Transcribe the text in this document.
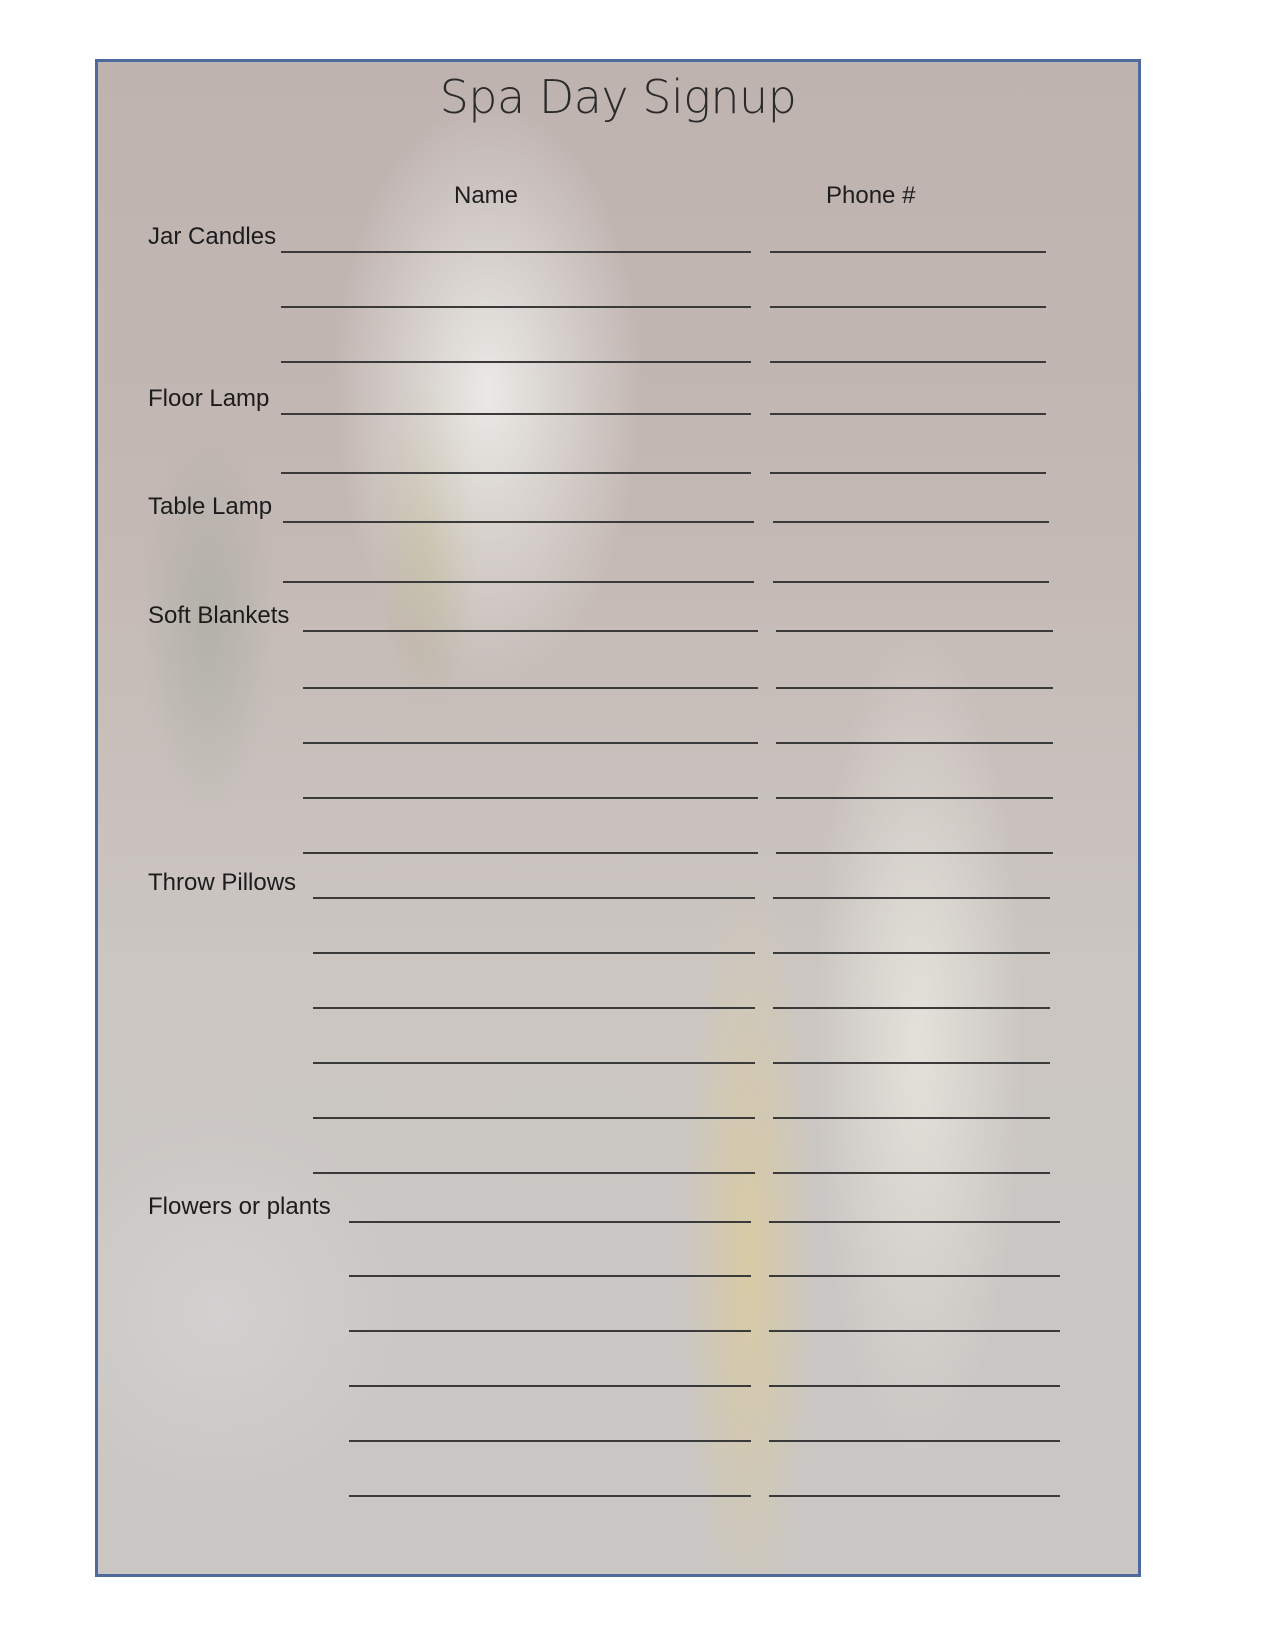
Spa Day Signup
Name	Phone #
Jar Candles
Floor Lamp
Table Lamp
Soft Blankets
Throw Pillows
Flowers or plants
